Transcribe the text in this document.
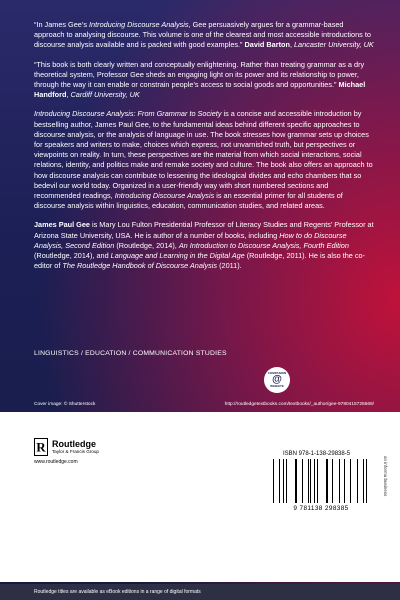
“In James Gee’s Introducing Discourse Analysis, Gee persuasively argues for a grammar-based approach to analysing discourse. This volume is one of the clearest and most accessible introductions to discourse analysis available and is packed with good examples.” David Barton, Lancaster University, UK

“This book is both clearly written and conceptually enlightening. Rather than treating grammar as a dry theoretical system, Professor Gee sheds an engaging light on its power and its relationship to power, through the way it can enable or constrain people’s access to social goods and opportunities.” Michael Handford, Cardiff University, UK

Introducing Discourse Analysis: From Grammar to Society is a concise and accessible introduction by bestselling author, James Paul Gee, to the fundamental ideas behind different specific approaches to discourse analysis, or the analysis of language in use. The book stresses how grammar sets up choices for speakers and writers to make, choices which express, not unvarnished truth, but perspectives or viewpoints on reality. In turn, these perspectives are the material from which social interactions, social relations, identity, and politics make and remake society and culture. The book also offers an approach to how discourse analysis can contribute to lessening the ideological divides and echo chambers that so bedevil our world today. Organized in a user-friendly way with short numbered sections and recommended readings, Introducing Discourse Analysis is an essential primer for all students of discourse analysis within linguistics, education, communication studies, and related areas.

James Paul Gee is Mary Lou Fulton Presidential Professor of Literacy Studies and Regents’ Professor at Arizona State University, USA. He is author of a number of books, including How to do Discourse Analysis, Second Edition (Routledge, 2014), An Introduction to Discourse Analysis, Fourth Edition (Routledge, 2014), and Language and Learning in the Digital Age (Routledge, 2011). He is also the co-editor of The Routledge Handbook of Discourse Analysis (2011).

LINGUISTICS / EDUCATION / COMMUNICATION STUDIES
COMPANION
@
WEBSITE
Cover image: © Shutterstock	http://routledgetextbooks.com/textbooks/_author/gee-9780415725569/
R Routledge
Taylor & Francis Group
www.routledge.com
ISBN 978-1-138-29838-5
9 781138 298385
an informa business
Routledge titles are available as eBook editions in a range of digital formats
